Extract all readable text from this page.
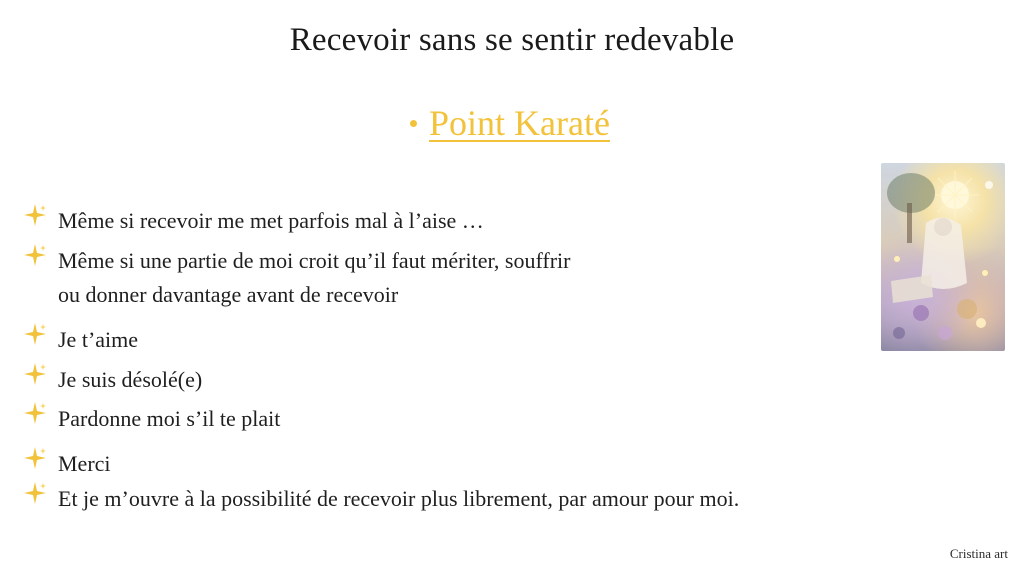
Recevoir sans se sentir redevable
Point Karaté
Même si recevoir me met parfois mal à l’aise …
Même si une partie de moi croit qu’il faut mériter, souffrir
ou donner davantage avant de recevoir
Je t’aime
Je suis désolé(e)
Pardonne moi s’il te plait
Merci
Et je m’ouvre à la possibilité de recevoir plus librement, par amour pour moi.
Cristina art
